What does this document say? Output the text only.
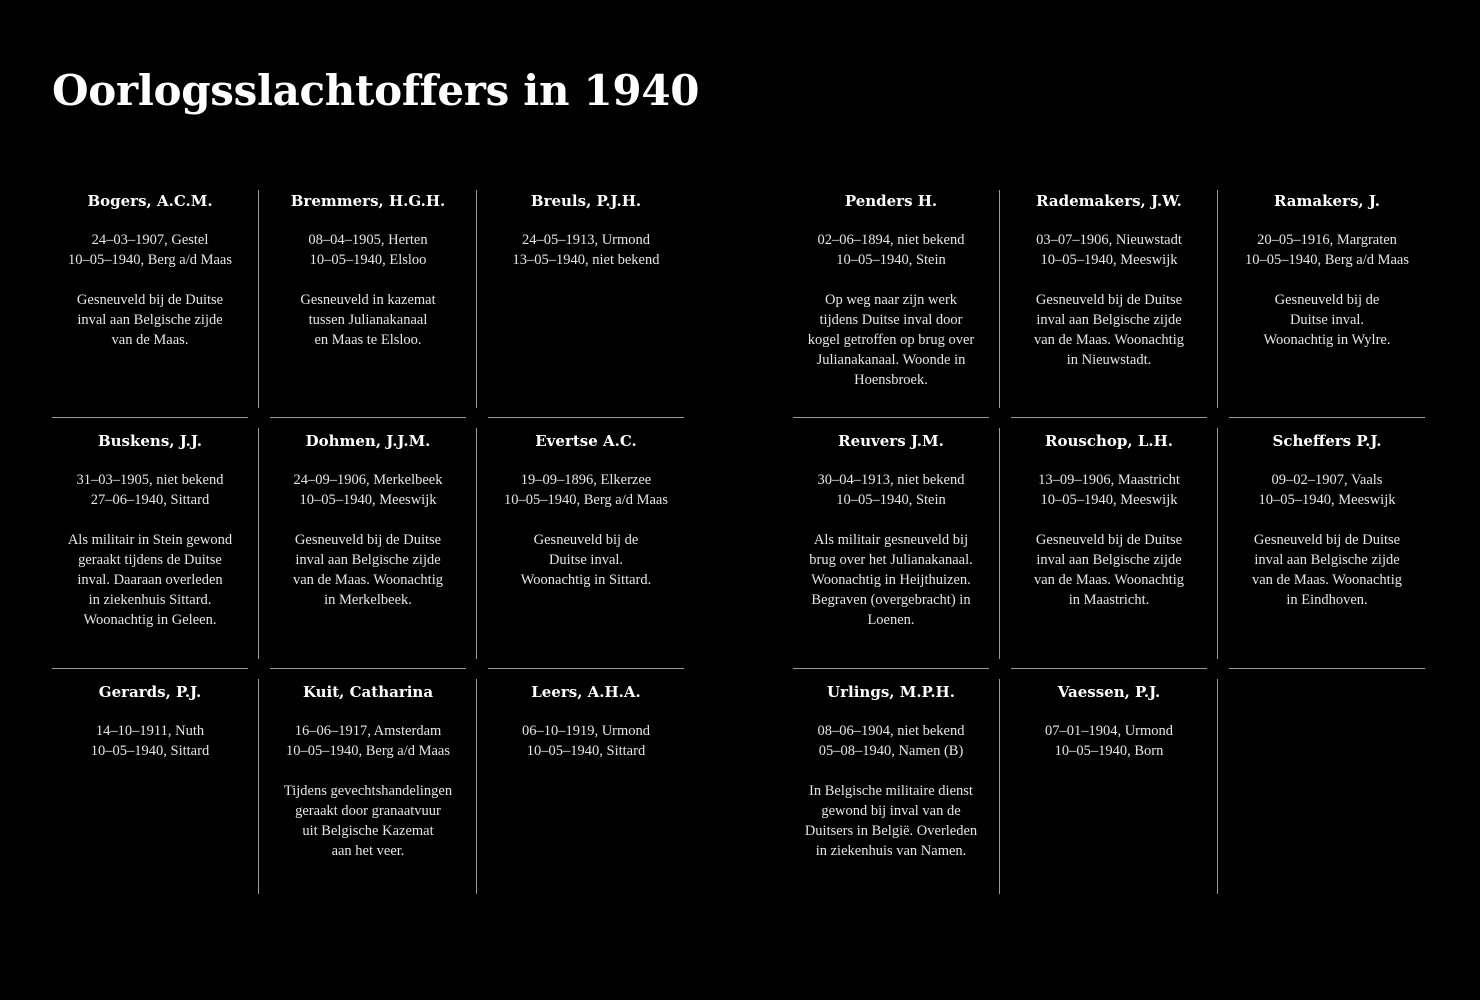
Oorlogsslachtoffers in 1940
Bogers, A.C.M.
24–03–1907, Gestel
10–05–1940, Berg a/d Maas
Gesneuveld bij de Duitse
inval aan Belgische zijde
van de Maas.
Bremmers, H.G.H.
08–04–1905, Herten
10–05–1940, Elsloo
Gesneuveld in kazemat
tussen Julianakanaal
en Maas te Elsloo.
Breuls, P.J.H.
24–05–1913, Urmond
13–05–1940, niet bekend
Buskens, J.J.
31–03–1905, niet bekend
27–06–1940, Sittard
Als militair in Stein gewond
geraakt tijdens de Duitse
inval. Daaraan overleden
in ziekenhuis Sittard.
Woonachtig in Geleen.
Dohmen, J.J.M.
24–09–1906, Merkelbeek
10–05–1940, Meeswijk
Gesneuveld bij de Duitse
inval aan Belgische zijde
van de Maas. Woonachtig
in Merkelbeek.
Evertse A.C.
19–09–1896, Elkerzee
10–05–1940, Berg a/d Maas
Gesneuveld bij de
Duitse inval.
Woonachtig in Sittard.
Gerards, P.J.
14–10–1911, Nuth
10–05–1940, Sittard
Kuit, Catharina
16–06–1917, Amsterdam
10–05–1940, Berg a/d Maas
Tijdens gevechtshandelingen
geraakt door granaatvuur
uit Belgische Kazemat
aan het veer.
Leers, A.H.A.
06–10–1919, Urmond
10–05–1940, Sittard
Penders H.
02–06–1894, niet bekend
10–05–1940, Stein
Op weg naar zijn werk
tijdens Duitse inval door
kogel getroffen op brug over
Julianakanaal. Woonde in
Hoensbroek.
Rademakers, J.W.
03–07–1906, Nieuwstadt
10–05–1940, Meeswijk
Gesneuveld bij de Duitse
inval aan Belgische zijde
van de Maas. Woonachtig
in Nieuwstadt.
Ramakers, J.
20–05–1916, Margraten
10–05–1940, Berg a/d Maas
Gesneuveld bij de
Duitse inval.
Woonachtig in Wylre.
Reuvers J.M.
30–04–1913, niet bekend
10–05–1940, Stein
Als militair gesneuveld bij
brug over het Julianakanaal.
Woonachtig in Heijthuizen.
Begraven (overgebracht) in
Loenen.
Rouschop, L.H.
13–09–1906, Maastricht
10–05–1940, Meeswijk
Gesneuveld bij de Duitse
inval aan Belgische zijde
van de Maas. Woonachtig
in Maastricht.
Scheffers P.J.
09–02–1907, Vaals
10–05–1940, Meeswijk
Gesneuveld bij de Duitse
inval aan Belgische zijde
van de Maas. Woonachtig
in Eindhoven.
Urlings, M.P.H.
08–06–1904, niet bekend
05–08–1940, Namen (B)
In Belgische militaire dienst
gewond bij inval van de
Duitsers in België. Overleden
in ziekenhuis van Namen.
Vaessen, P.J.
07–01–1904, Urmond
10–05–1940, Born
